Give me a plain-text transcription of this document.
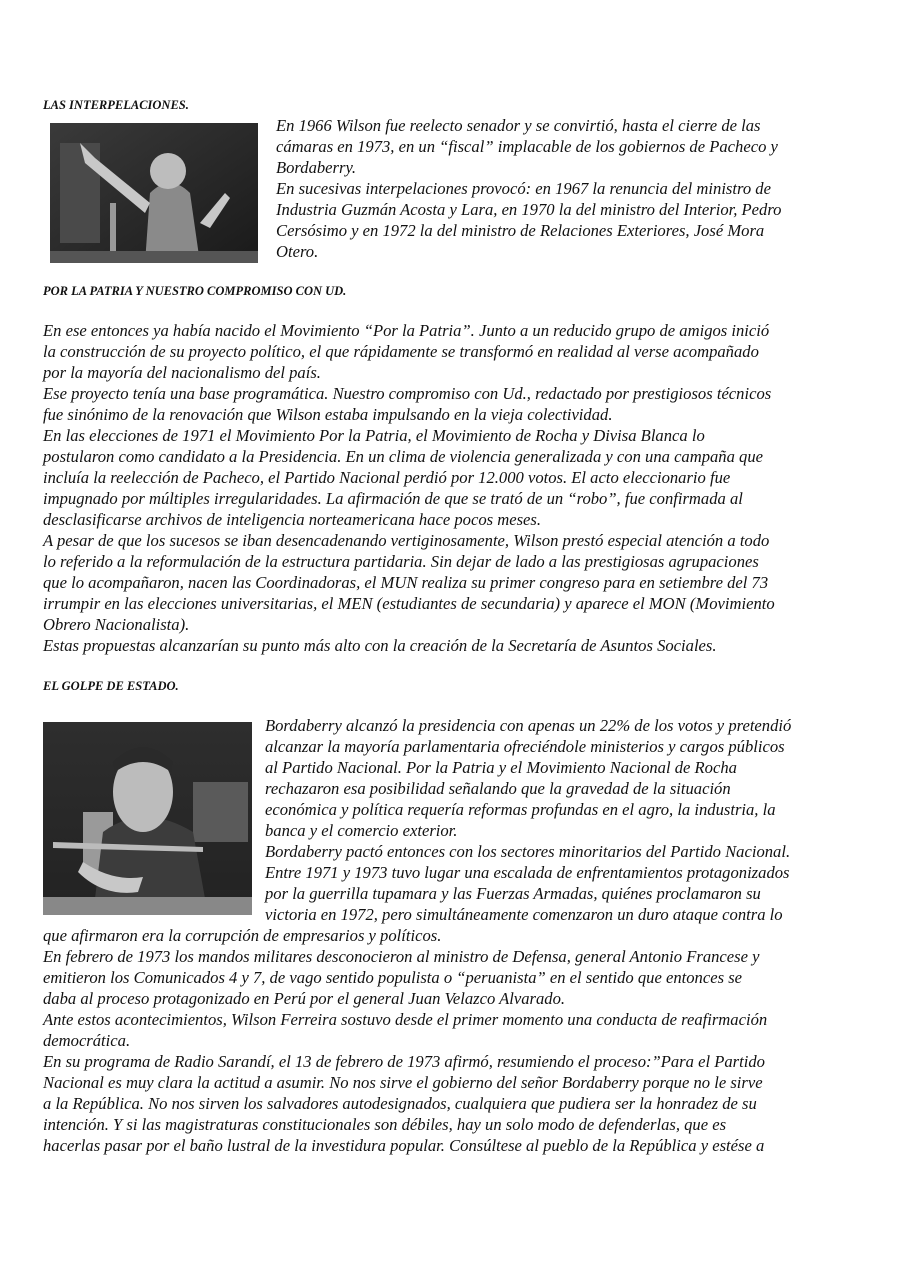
LAS INTERPELACIONES.
En 1966 Wilson fue reelecto senador y se convirtió, hasta el cierre de las
cámaras en 1973, en un “fiscal” implacable de los gobiernos de Pacheco y
Bordaberry.
En sucesivas interpelaciones provocó: en 1967 la renuncia del ministro de
Industria Guzmán Acosta y Lara, en 1970 la del ministro del Interior, Pedro
Cersósimo y en 1972 la del ministro de Relaciones Exteriores, José Mora
Otero.
POR LA PATRIA Y NUESTRO COMPROMISO CON UD.
En ese entonces ya había nacido el Movimiento “Por la Patria”. Junto a un reducido grupo de amigos inició
la construcción de su proyecto político, el que rápidamente se transformó en realidad al verse acompañado
por la mayoría del nacionalismo del país.
Ese proyecto tenía una base programática. Nuestro compromiso con Ud., redactado por prestigiosos técnicos
fue sinónimo de la renovación que Wilson estaba impulsando en la vieja colectividad.
En las elecciones de 1971 el Movimiento Por la Patria, el Movimiento de Rocha y Divisa Blanca lo
postularon como candidato a la Presidencia. En un clima de violencia generalizada y con una campaña que
incluía la reelección de Pacheco, el Partido Nacional perdió por 12.000 votos. El acto eleccionario fue
impugnado por múltiples irregularidades. La afirmación de que se trató de un “robo”, fue confirmada al
desclasificarse archivos de inteligencia norteamericana hace pocos meses.
A pesar de que los sucesos se iban desencadenando vertiginosamente, Wilson prestó especial atención a todo
lo referido a la reformulación de la estructura partidaria. Sin dejar de lado a las prestigiosas agrupaciones
que lo acompañaron, nacen las Coordinadoras, el MUN realiza su primer congreso para en setiembre del 73
irrumpir en las elecciones universitarias, el MEN (estudiantes de secundaria) y aparece el MON (Movimiento
Obrero Nacionalista).
Estas propuestas alcanzarían su punto más alto con la creación de la Secretaría de Asuntos Sociales.
EL GOLPE DE ESTADO.
Bordaberry alcanzó la presidencia con apenas un 22% de los votos y pretendió
alcanzar la mayoría parlamentaria ofreciéndole ministerios y cargos públicos
al Partido Nacional. Por la Patria y el Movimiento Nacional de Rocha
rechazaron esa posibilidad señalando que la gravedad de la situación
económica y política requería reformas profundas en el agro, la industria, la
banca y el comercio exterior.
Bordaberry pactó entonces con los sectores minoritarios del Partido Nacional.
Entre 1971 y 1973 tuvo lugar una escalada de enfrentamientos protagonizados
por la guerrilla tupamara y las Fuerzas Armadas, quiénes proclamaron su
victoria en 1972, pero simultáneamente comenzaron un duro ataque contra lo
que afirmaron era la corrupción de empresarios y políticos.
En febrero de 1973 los mandos militares desconocieron al ministro de Defensa, general Antonio Francese y
emitieron los Comunicados 4 y 7, de vago sentido populista o “peruanista” en el sentido que entonces se
daba al proceso protagonizado en Perú por el general Juan Velazco Alvarado.
Ante estos acontecimientos, Wilson Ferreira sostuvo desde el primer momento una conducta de reafirmación
democrática.
En su programa de Radio Sarandí, el 13 de febrero de 1973 afirmó, resumiendo el proceso:”Para el Partido
Nacional es muy clara la actitud a asumir. No nos sirve el gobierno del señor Bordaberry porque no le sirve
a la República. No nos sirven los salvadores autodesignados, cualquiera que pudiera ser la honradez de su
intención. Y si las magistraturas constitucionales son débiles, hay un solo modo de defenderlas, que es
hacerlas pasar por el baño lustral de la investidura popular. Consúltese al pueblo de la República y estése a
